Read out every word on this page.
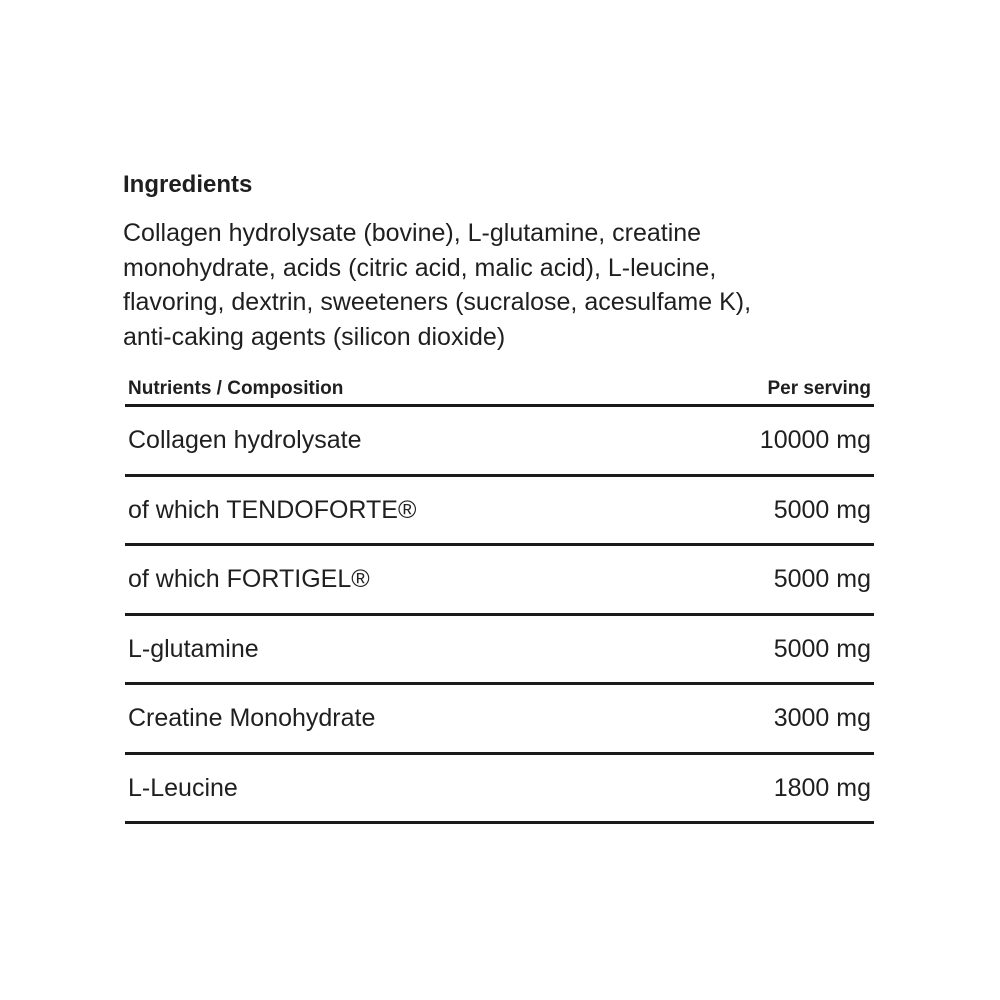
Ingredients

Collagen hydrolysate (bovine), L-glutamine, creatine
monohydrate, acids (citric acid, malic acid), L-leucine,
flavoring, dextrin, sweeteners (sucralose, acesulfame K),
anti-caking agents (silicon dioxide)

Nutrients / Composition	Per serving
Collagen hydrolysate	10000 mg
of which TENDOFORTE®	5000 mg
of which FORTIGEL®	5000 mg
L-glutamine	5000 mg
Creatine Monohydrate	3000 mg
L-Leucine	1800 mg
